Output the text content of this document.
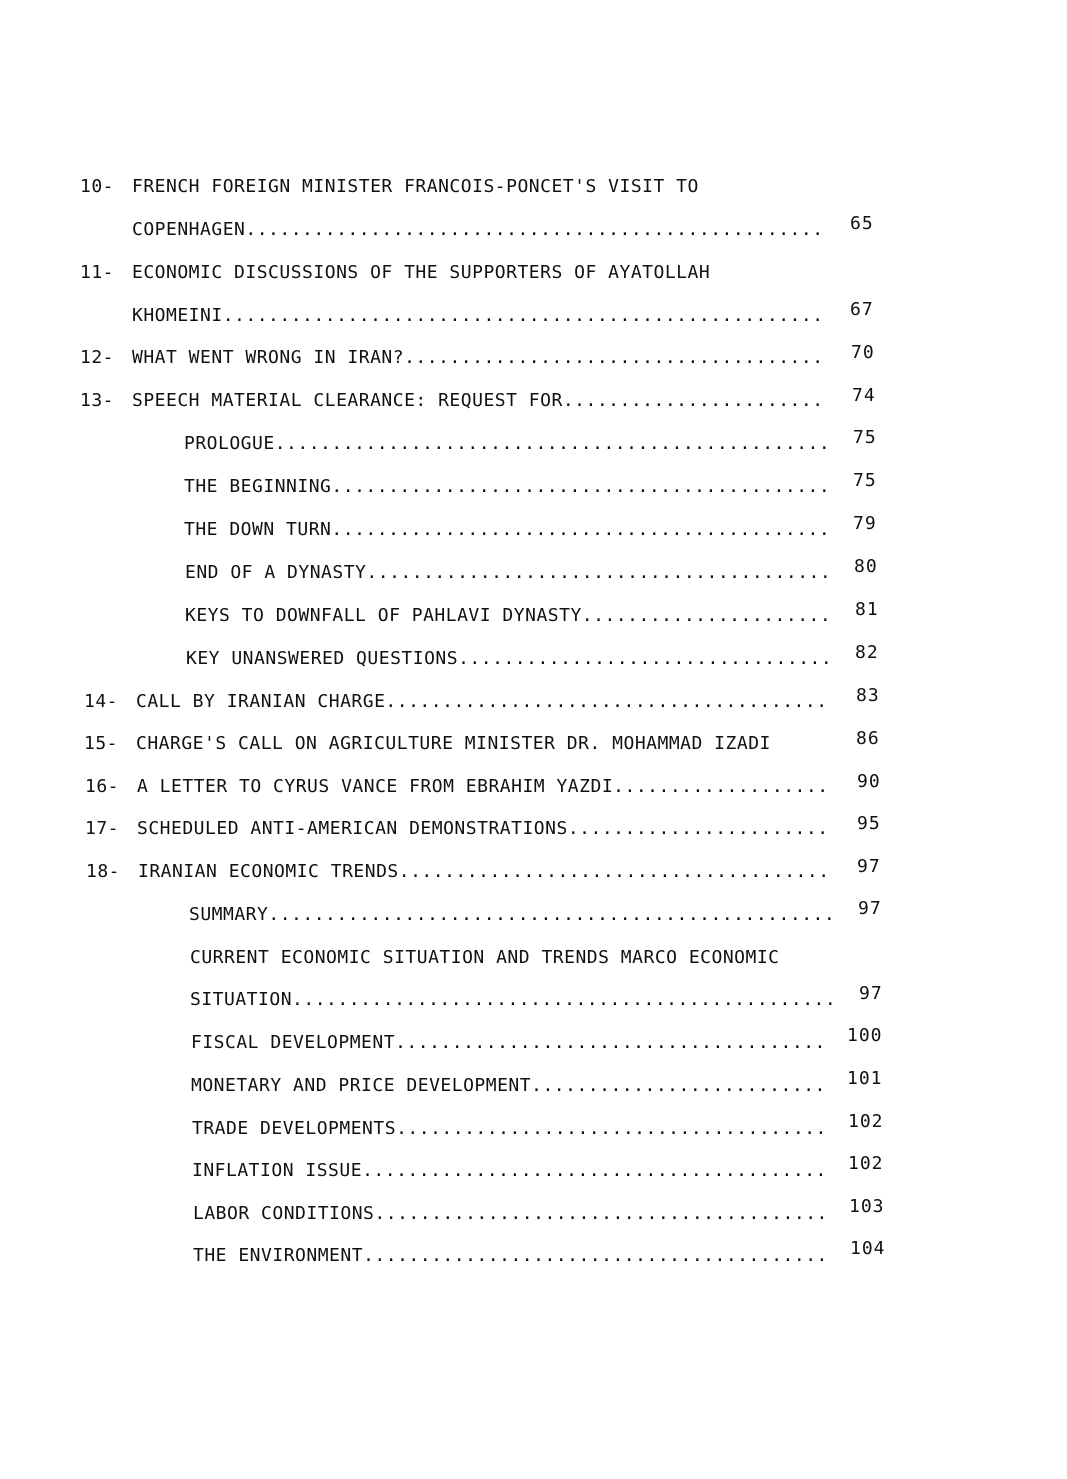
10- FRENCH FOREIGN MINISTER FRANCOIS-PONCET'S VISIT TO
COPENHAGEN...................................................	65
11- ECONOMIC DISCUSSIONS OF THE SUPPORTERS OF AYATOLLAH
KHOMEINI.....................................................	67
12- WHAT WENT WRONG IN IRAN?.....................................	70
13- SPEECH MATERIAL CLEARANCE: REQUEST FOR.......................	74
PROLOGUE................................................. 75
THE BEGINNING............................................ 75
THE DOWN TURN............................................ 79
END OF A DYNASTY......................................... 80
KEYS TO DOWNFALL OF PAHLAVI DYNASTY...................... 81
KEY UNANSWERED QUESTIONS................................. 82
14- CALL BY IRANIAN CHARGE.......................................	83
15- CHARGE'S CALL ON AGRICULTURE MINISTER DR. MOHAMMAD IZADI	86
16- A LETTER TO CYRUS VANCE FROM EBRAHIM YAZDI...................	90
17- SCHEDULED ANTI-AMERICAN DEMONSTRATIONS.......................	95
18- IRANIAN ECONOMIC TRENDS......................................	97
SUMMARY.................................................. 97
CURRENT ECONOMIC SITUATION AND TRENDS MARCO ECONOMIC
SITUATION................................................ 97
FISCAL DEVELOPMENT...................................... 100
MONETARY AND PRICE DEVELOPMENT.......................... 101
TRADE DEVELOPMENTS...................................... 102
INFLATION ISSUE......................................... 102
LABOR CONDITIONS........................................ 103
THE ENVIRONMENT......................................... 104
